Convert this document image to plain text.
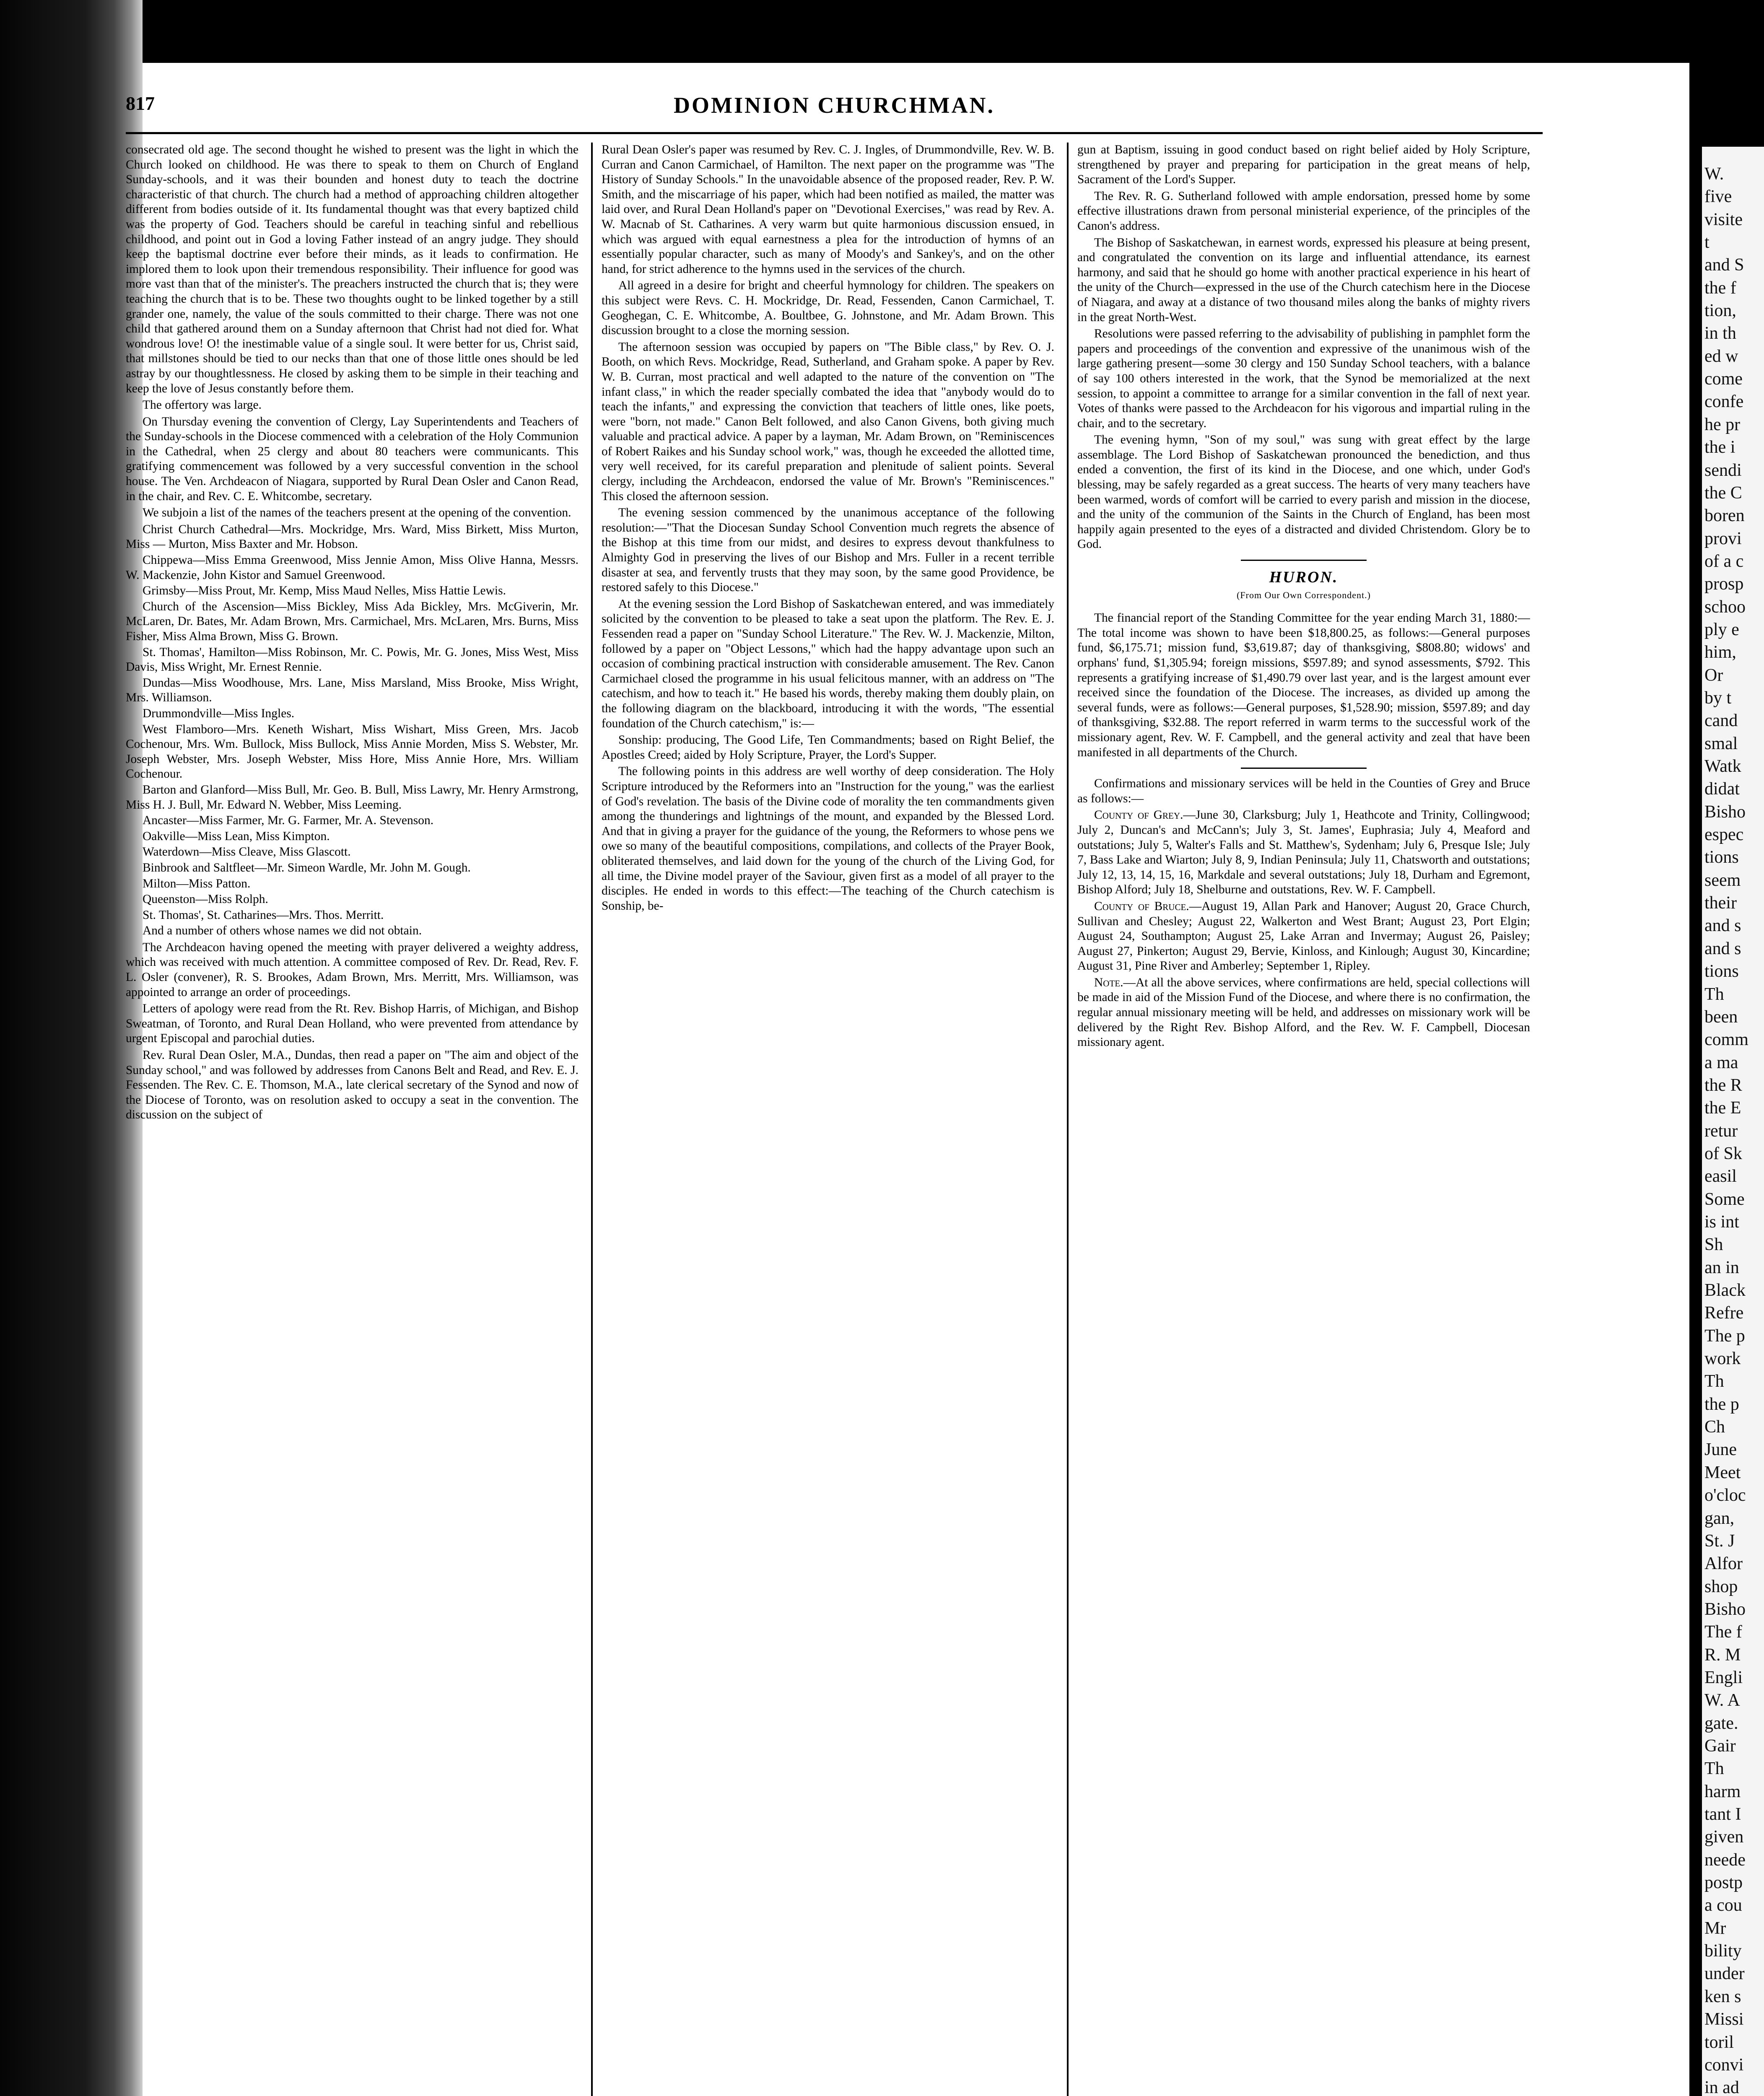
W.
five
visite
t
and S
the f
tion,
in th
ed w
come
confe
he pr
the i
sendi
the C
boren
provi
of a c
prosp
schoo
ply e
him,
Or
by t
cand
smal
Watk
didat
Bisho
espec
tions
seem
their
and s
and s
tions
Th
been
comm
a ma
the R
the E
retur
of Sk
easil
Some
is int
Sh
an in
Black
Refre
The p
work
Th
the p
Ch
June
Meet
o'cloc
gan,
St. J
Alfor
shop
Bisho
The f
R. M
Engli
W. A
gate.
Gair
Th
harm
tant I
given
neede
postp
a cou
Mr
bility
under
ken s
Missi
toril
convi
in ad
817	DOMINION CHURCHMAN.

consecrated old age. The second thought he wished to present was the light in which the Church looked on childhood. He was there to speak to them on Church of England Sunday-schools, and it was their bounden and honest duty to teach the doctrine characteristic of that church. The church had a method of approaching children altogether different from bodies outside of it. Its fundamental thought was that every baptized child was the property of God. Teachers should be careful in teaching sinful and rebellious childhood, and point out in God a loving Father instead of an angry judge. They should keep the baptismal doctrine ever before their minds, as it leads to confirmation. He implored them to look upon their tremendous responsibility. Their influence for good was more vast than that of the minister's. The preachers instructed the church that is; they were teaching the church that is to be. These two thoughts ought to be linked together by a still grander one, namely, the value of the souls committed to their charge. There was not one child that gathered around them on a Sunday afternoon that Christ had not died for. What wondrous love! O! the inestimable value of a single soul. It were better for us, Christ said, that millstones should be tied to our necks than that one of those little ones should be led astray by our thoughtlessness. He closed by asking them to be simple in their teaching and keep the love of Jesus constantly before them.

The offertory was large.

On Thursday evening the convention of Clergy, Lay Superintendents and Teachers of the Sunday-schools in the Diocese commenced with a celebration of the Holy Communion in the Cathedral, when 25 clergy and about 80 teachers were communicants. This gratifying commencement was followed by a very successful convention in the school house. The Ven. Archdeacon of Niagara, supported by Rural Dean Osler and Canon Read, in the chair, and Rev. C. E. Whitcombe, secretary.

We subjoin a list of the names of the teachers present at the opening of the convention.

Christ Church Cathedral—Mrs. Mockridge, Mrs. Ward, Miss Birkett, Miss Murton, Miss — Murton, Miss Baxter and Mr. Hobson.

Chippewa—Miss Emma Greenwood, Miss Jennie Amon, Miss Olive Hanna, Messrs. W. Mackenzie, John Kistor and Samuel Greenwood.

Grimsby—Miss Prout, Mr. Kemp, Miss Maud Nelles, Miss Hattie Lewis.

Church of the Ascension—Miss Bickley, Miss Ada Bickley, Mrs. McGiverin, Mr. McLaren, Dr. Bates, Mr. Adam Brown, Mrs. Carmichael, Mrs. McLaren, Mrs. Burns, Miss Fisher, Miss Alma Brown, Miss G. Brown.

St. Thomas', Hamilton—Miss Robinson, Mr. C. Powis, Mr. G. Jones, Miss West, Miss Davis, Miss Wright, Mr. Ernest Rennie.

Dundas—Miss Woodhouse, Mrs. Lane, Miss Marsland, Miss Brooke, Miss Wright, Mrs. Williamson.

Drummondville—Miss Ingles.

West Flamboro—Mrs. Keneth Wishart, Miss Wishart, Miss Green, Mrs. Jacob Cochenour, Mrs. Wm. Bullock, Miss Bullock, Miss Annie Morden, Miss S. Webster, Mr. Joseph Webster, Mrs. Joseph Webster, Miss Hore, Miss Annie Hore, Mrs. William Cochenour.

Barton and Glanford—Miss Bull, Mr. Geo. B. Bull, Miss Lawry, Mr. Henry Armstrong, Miss H. J. Bull, Mr. Edward N. Webber, Miss Leeming.

Ancaster—Miss Farmer, Mr. G. Farmer, Mr. A. Stevenson.

Oakville—Miss Lean, Miss Kimpton.

Waterdown—Miss Cleave, Miss Glascott.

Binbrook and Saltfleet—Mr. Simeon Wardle, Mr. John M. Gough.

Milton—Miss Patton.

Queenston—Miss Rolph.

St. Thomas', St. Catharines—Mrs. Thos. Merritt.

And a number of others whose names we did not obtain.

The Archdeacon having opened the meeting with prayer delivered a weighty address, which was received with much attention. A committee composed of Rev. Dr. Read, Rev. F. L. Osler (convener), R. S. Brookes, Adam Brown, Mrs. Merritt, Mrs. Williamson, was appointed to arrange an order of proceedings.

Letters of apology were read from the Rt. Rev. Bishop Harris, of Michigan, and Bishop Sweatman, of Toronto, and Rural Dean Holland, who were prevented from attendance by urgent Episcopal and parochial duties.

Rev. Rural Dean Osler, M.A., Dundas, then read a paper on "The aim and object of the Sunday school," and was followed by addresses from Canons Belt and Read, and Rev. E. J. Fessenden. The Rev. C. E. Thomson, M.A., late clerical secretary of the Synod and now of the Diocese of Toronto, was on resolution asked to occupy a seat in the convention. The discussion on the subject of

Rural Dean Osler's paper was resumed by Rev. C. J. Ingles, of Drummondville, Rev. W. B. Curran and Canon Carmichael, of Hamilton. The next paper on the programme was "The History of Sunday Schools." In the unavoidable absence of the proposed reader, Rev. P. W. Smith, and the miscarriage of his paper, which had been notified as mailed, the matter was laid over, and Rural Dean Holland's paper on "Devotional Exercises," was read by Rev. A. W. Macnab of St. Catharines. A very warm but quite harmonious discussion ensued, in which was argued with equal earnestness a plea for the introduction of hymns of an essentially popular character, such as many of Moody's and Sankey's, and on the other hand, for strict adherence to the hymns used in the services of the church.

All agreed in a desire for bright and cheerful hymnology for children. The speakers on this subject were Revs. C. H. Mockridge, Dr. Read, Fessenden, Canon Carmichael, T. Geoghegan, C. E. Whitcombe, A. Boultbee, G. Johnstone, and Mr. Adam Brown. This discussion brought to a close the morning session.

The afternoon session was occupied by papers on "The Bible class," by Rev. O. J. Booth, on which Revs. Mockridge, Read, Sutherland, and Graham spoke. A paper by Rev. W. B. Curran, most practical and well adapted to the nature of the convention on "The infant class," in which the reader specially combated the idea that "anybody would do to teach the infants," and expressing the conviction that teachers of little ones, like poets, were "born, not made." Canon Belt followed, and also Canon Givens, both giving much valuable and practical advice. A paper by a layman, Mr. Adam Brown, on "Reminiscences of Robert Raikes and his Sunday school work," was, though he exceeded the allotted time, very well received, for its careful preparation and plenitude of salient points. Several clergy, including the Archdeacon, endorsed the value of Mr. Brown's "Reminiscences." This closed the afternoon session.

The evening session commenced by the unanimous acceptance of the following resolution:—"That the Diocesan Sunday School Convention much regrets the absence of the Bishop at this time from our midst, and desires to express devout thankfulness to Almighty God in preserving the lives of our Bishop and Mrs. Fuller in a recent terrible disaster at sea, and fervently trusts that they may soon, by the same good Providence, be restored safely to this Diocese."

At the evening session the Lord Bishop of Saskatchewan entered, and was immediately solicited by the convention to be pleased to take a seat upon the platform. The Rev. E. J. Fessenden read a paper on "Sunday School Literature." The Rev. W. J. Mackenzie, Milton, followed by a paper on "Object Lessons," which had the happy advantage upon such an occasion of combining practical instruction with considerable amusement. The Rev. Canon Carmichael closed the programme in his usual felicitous manner, with an address on "The catechism, and how to teach it." He based his words, thereby making them doubly plain, on the following diagram on the blackboard, introducing it with the words, "The essential foundation of the Church catechism," is:—

Sonship: producing, The Good Life, Ten Commandments; based on Right Belief, the Apostles Creed; aided by Holy Scripture, Prayer, the Lord's Supper.

The following points in this address are well worthy of deep consideration. The Holy Scripture introduced by the Reformers into an "Instruction for the young," was the earliest of God's revelation. The basis of the Divine code of morality the ten commandments given among the thunderings and lightnings of the mount, and expanded by the Blessed Lord. And that in giving a prayer for the guidance of the young, the Reformers to whose pens we owe so many of the beautiful compositions, compilations, and collects of the Prayer Book, obliterated themselves, and laid down for the young of the church of the Living God, for all time, the Divine model prayer of the Saviour, given first as a model of all prayer to the disciples. He ended in words to this effect:—The teaching of the Church catechism is Sonship, be-

gun at Baptism, issuing in good conduct based on right belief aided by Holy Scripture, strengthened by prayer and preparing for participation in the great means of help, Sacrament of the Lord's Supper.

The Rev. R. G. Sutherland followed with ample endorsation, pressed home by some effective illustrations drawn from personal ministerial experience, of the principles of the Canon's address.

The Bishop of Saskatchewan, in earnest words, expressed his pleasure at being present, and congratulated the convention on its large and influential attendance, its earnest harmony, and said that he should go home with another practical experience in his heart of the unity of the Church—expressed in the use of the Church catechism here in the Diocese of Niagara, and away at a distance of two thousand miles along the banks of mighty rivers in the great North-West.

Resolutions were passed referring to the advisability of publishing in pamphlet form the papers and proceedings of the convention and expressive of the unanimous wish of the large gathering present—some 30 clergy and 150 Sunday School teachers, with a balance of say 100 others interested in the work, that the Synod be memorialized at the next session, to appoint a committee to arrange for a similar convention in the fall of next year. Votes of thanks were passed to the Archdeacon for his vigorous and impartial ruling in the chair, and to the secretary.

The evening hymn, "Son of my soul," was sung with great effect by the large assemblage. The Lord Bishop of Saskatchewan pronounced the benediction, and thus ended a convention, the first of its kind in the Diocese, and one which, under God's blessing, may be safely regarded as a great success. The hearts of very many teachers have been warmed, words of comfort will be carried to every parish and mission in the diocese, and the unity of the communion of the Saints in the Church of England, has been most happily again presented to the eyes of a distracted and divided Christendom. Glory be to God.

HURON.

(From Our Own Correspondent.)

The financial report of the Standing Committee for the year ending March 31, 1880:—The total income was shown to have been $18,800.25, as follows:—General purposes fund, $6,175.71; mission fund, $3,619.87; day of thanksgiving, $808.80; widows' and orphans' fund, $1,305.94; foreign missions, $597.89; and synod assessments, $792. This represents a gratifying increase of $1,490.79 over last year, and is the largest amount ever received since the foundation of the Diocese. The increases, as divided up among the several funds, were as follows:—General purposes, $1,528.90; mission, $597.89; and day of thanksgiving, $32.88. The report referred in warm terms to the successful work of the missionary agent, Rev. W. F. Campbell, and the general activity and zeal that have been manifested in all departments of the Church.

Confirmations and missionary services will be held in the Counties of Grey and Bruce as follows:—

County of Grey.—June 30, Clarksburg; July 1, Heathcote and Trinity, Collingwood; July 2, Duncan's and McCann's; July 3, St. James', Euphrasia; July 4, Meaford and outstations; July 5, Walter's Falls and St. Matthew's, Sydenham; July 6, Presque Isle; July 7, Bass Lake and Wiarton; July 8, 9, Indian Peninsula; July 11, Chatsworth and outstations; July 12, 13, 14, 15, 16, Markdale and several outstations; July 18, Durham and Egremont, Bishop Alford; July 18, Shelburne and outstations, Rev. W. F. Campbell.

County of Bruce.—August 19, Allan Park and Hanover; August 20, Grace Church, Sullivan and Chesley; August 22, Walkerton and West Brant; August 23, Port Elgin; August 24, Southampton; August 25, Lake Arran and Invermay; August 26, Paisley; August 27, Pinkerton; August 29, Bervie, Kinloss, and Kinlough; August 30, Kincardine; August 31, Pine River and Amberley; September 1, Ripley.

Note.—At all the above services, where confirmations are held, special collections will be made in aid of the Mission Fund of the Diocese, and where there is no confirmation, the regular annual missionary meeting will be held, and addresses on missionary work will be delivered by the Right Rev. Bishop Alford, and the Rev. W. F. Campbell, Diocesan missionary agent.
